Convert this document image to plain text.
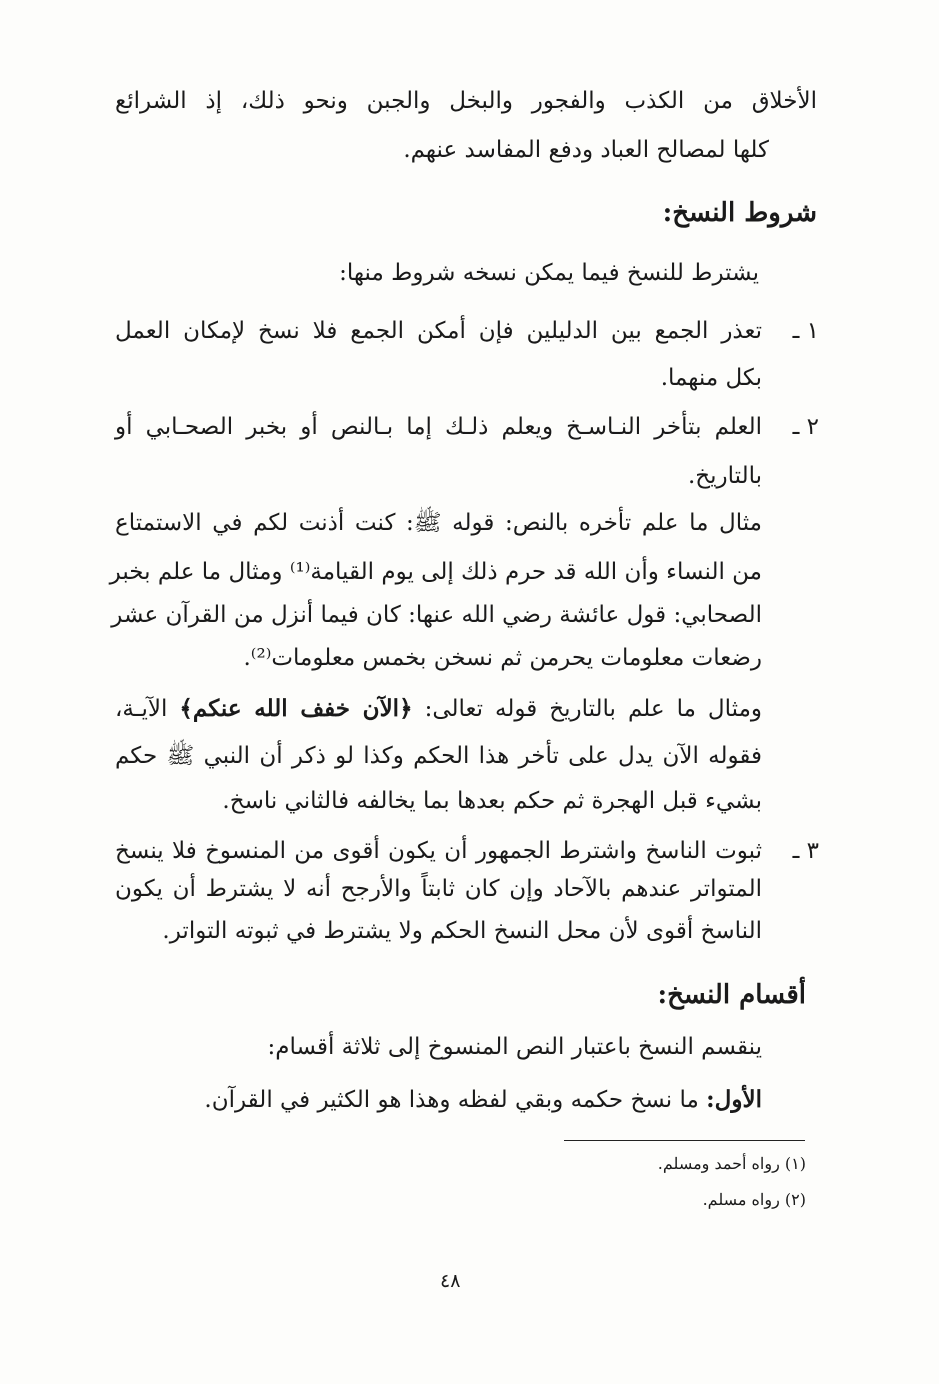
الأخلاق من الكذب والفجور والبخل والجبن ونحو ذلك، إذ الشرائع
كلها لمصالح العباد ودفع المفاسد عنهم.
شروط النسخ:
يشترط للنسخ فيما يمكن نسخه شروط منها:
١ ـ
تعذر الجمع بين الدليلين فإن أمكن الجمع فلا نسخ لإمكان العمل
بكل منهما.
٢ ـ
العلم بتأخر النـاسـخ ويعلم ذلـك إما بـالنص أو بخبر الصحـابي أو
بالتاريخ.
مثال ما علم تأخره بالنص: قوله ﷺ: كنت أذنت لكم في الاستمتاع
من النساء وأن الله قد حرم ذلك إلى يوم القيامة⁽¹⁾ ومثال ما علم بخبر
الصحابي: قول عائشة رضي الله عنها: كان فيما أنزل من القرآن عشر
رضعات معلومات يحرمن ثم نسخن بخمس معلومات⁽²⁾.
ومثال ما علم بالتاريخ قوله تعالى: ﴿الآن خفف الله عنكم﴾ الآيـة،
فقوله الآن يدل على تأخر هذا الحكم وكذا لو ذكر أن النبي ﷺ حكم
بشيء قبل الهجرة ثم حكم بعدها بما يخالفه فالثاني ناسخ.
٣ ـ
ثبوت الناسخ واشترط الجمهور أن يكون أقوى من المنسوخ فلا ينسخ
المتواتر عندهم بالآحاد وإن كان ثابتاً والأرجح أنه لا يشترط أن يكون
الناسخ أقوى لأن محل النسخ الحكم ولا يشترط في ثبوته التواتر.
أقسام النسخ:
ينقسم النسخ باعتبار النص المنسوخ إلى ثلاثة أقسام:
الأول: ما نسخ حكمه وبقي لفظه وهذا هو الكثير في القرآن.
(١) رواه أحمد ومسلم.
(٢) رواه مسلم.
٤٨
